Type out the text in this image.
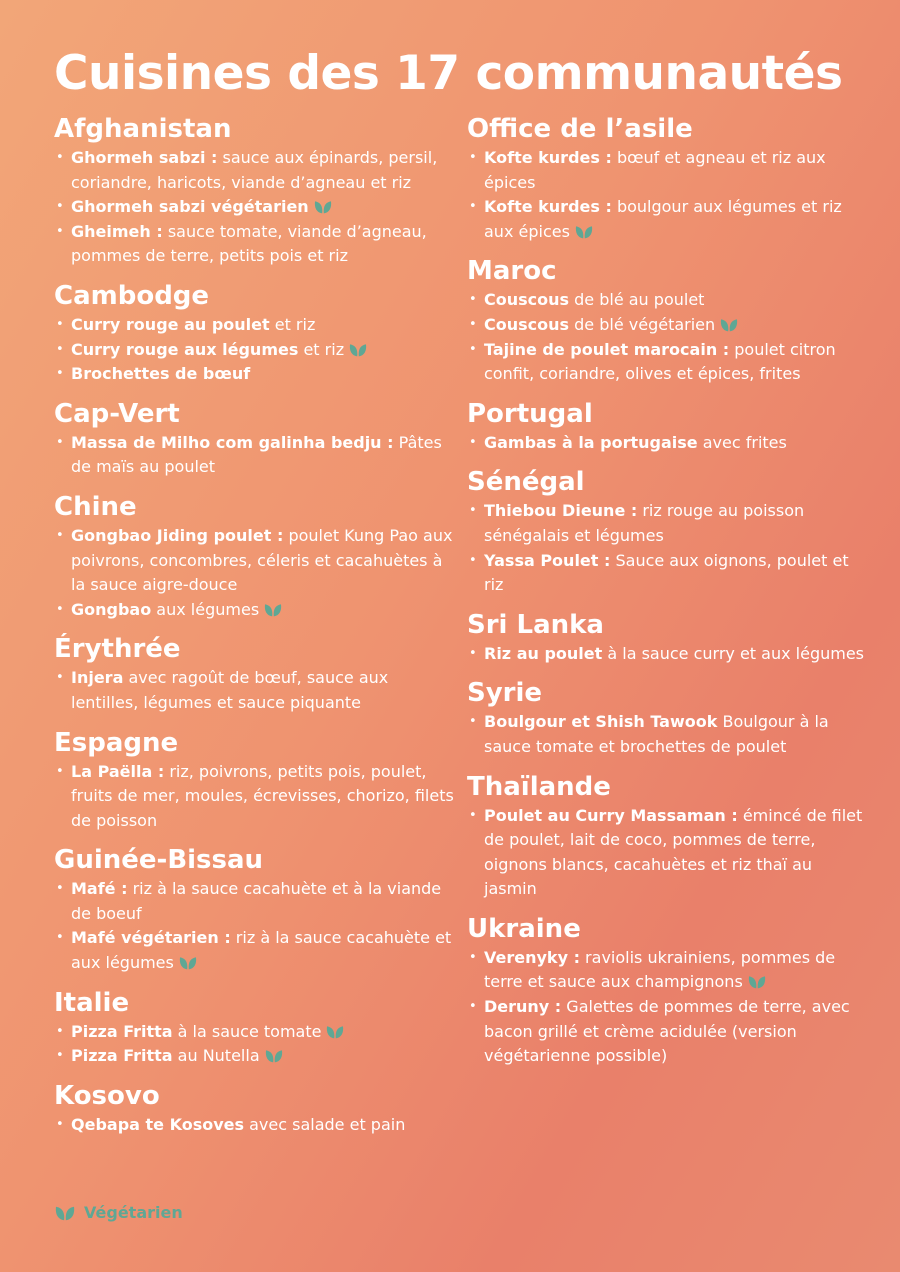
Cuisines des 17 communautés
Afghanistan
• Ghormeh sabzi : sauce aux épinards, persil, coriandre, haricots, viande d’agneau et riz
• Ghormeh sabzi végétarien
• Gheimeh : sauce tomate, viande d’agneau, pommes de terre, petits pois et riz
Cambodge
• Curry rouge au poulet et riz
• Curry rouge aux légumes et riz
• Brochettes de bœuf
Cap-Vert
• Massa de Milho com galinha bedju : Pâtes de maïs au poulet
Chine
• Gongbao Jiding poulet : poulet Kung Pao aux poivrons, concombres, céleris et cacahuètes à la sauce aigre-douce
• Gongbao aux légumes
Érythrée
• Injera avec ragoût de bœuf, sauce aux lentilles, légumes et sauce piquante
Espagne
• La Paëlla : riz, poivrons, petits pois, poulet, fruits de mer, moules, écrevisses, chorizo, filets de poisson
Guinée-Bissau
• Mafé : riz à la sauce cacahuète et à la viande de boeuf
• Mafé végétarien : riz à la sauce cacahuète et aux légumes
Italie
• Pizza Fritta à la sauce tomate
• Pizza Fritta au Nutella
Kosovo
• Qebapa te Kosoves avec salade et pain
Office de l’asile
• Kofte kurdes : bœuf et agneau et riz aux épices
• Kofte kurdes : boulgour aux légumes et riz aux épices
Maroc
• Couscous de blé au poulet
• Couscous de blé végétarien
• Tajine de poulet marocain : poulet citron confit, coriandre, olives et épices, frites
Portugal
• Gambas à la portugaise avec frites
Sénégal
• Thiebou Dieune : riz rouge au poisson sénégalais et légumes
• Yassa Poulet : Sauce aux oignons, poulet et riz
Sri Lanka
• Riz au poulet à la sauce curry et aux légumes
Syrie
• Boulgour et Shish Tawook Boulgour à la sauce tomate et brochettes de poulet
Thaïlande
• Poulet au Curry Massaman : émincé de filet de poulet, lait de coco, pommes de terre, oignons blancs, cacahuètes et riz thaï au jasmin
Ukraine
• Verenyky : raviolis ukrainiens, pommes de terre et sauce aux champignons
• Deruny : Galettes de pommes de terre, avec bacon grillé et crème acidulée (version végétarienne possible)
Végétarien
